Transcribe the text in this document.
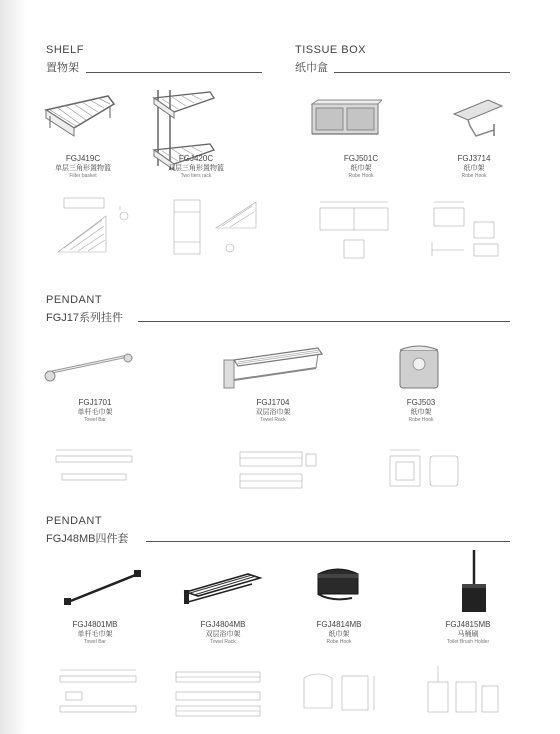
SHELF
置物架
TISSUE BOX
纸巾盒
PENDANT
FGJ17系列挂件
PENDANT
FGJ48MB四件套
FGJ419C
单层三角形置物篮
Filter basket
FGJ420C
双层三角形置物篮
Two tiers rack
FGJ501C
纸巾架
Robe Hook
FGJ3714
纸巾架
Robe Hook
FGJ1701
单杆毛巾架
Towel Bar
FGJ1704
双层浴巾架
Towel Rack
FGJ503
纸巾架
Robe Hook
FGJ4801MB
单杆毛巾架
Towel Bar
FGJ4804MB
双层浴巾架
Towel Rack
FGJ4814MB
纸巾架
Robe Hook
FGJ4815MB
马桶刷
Toilet Brush Holder
